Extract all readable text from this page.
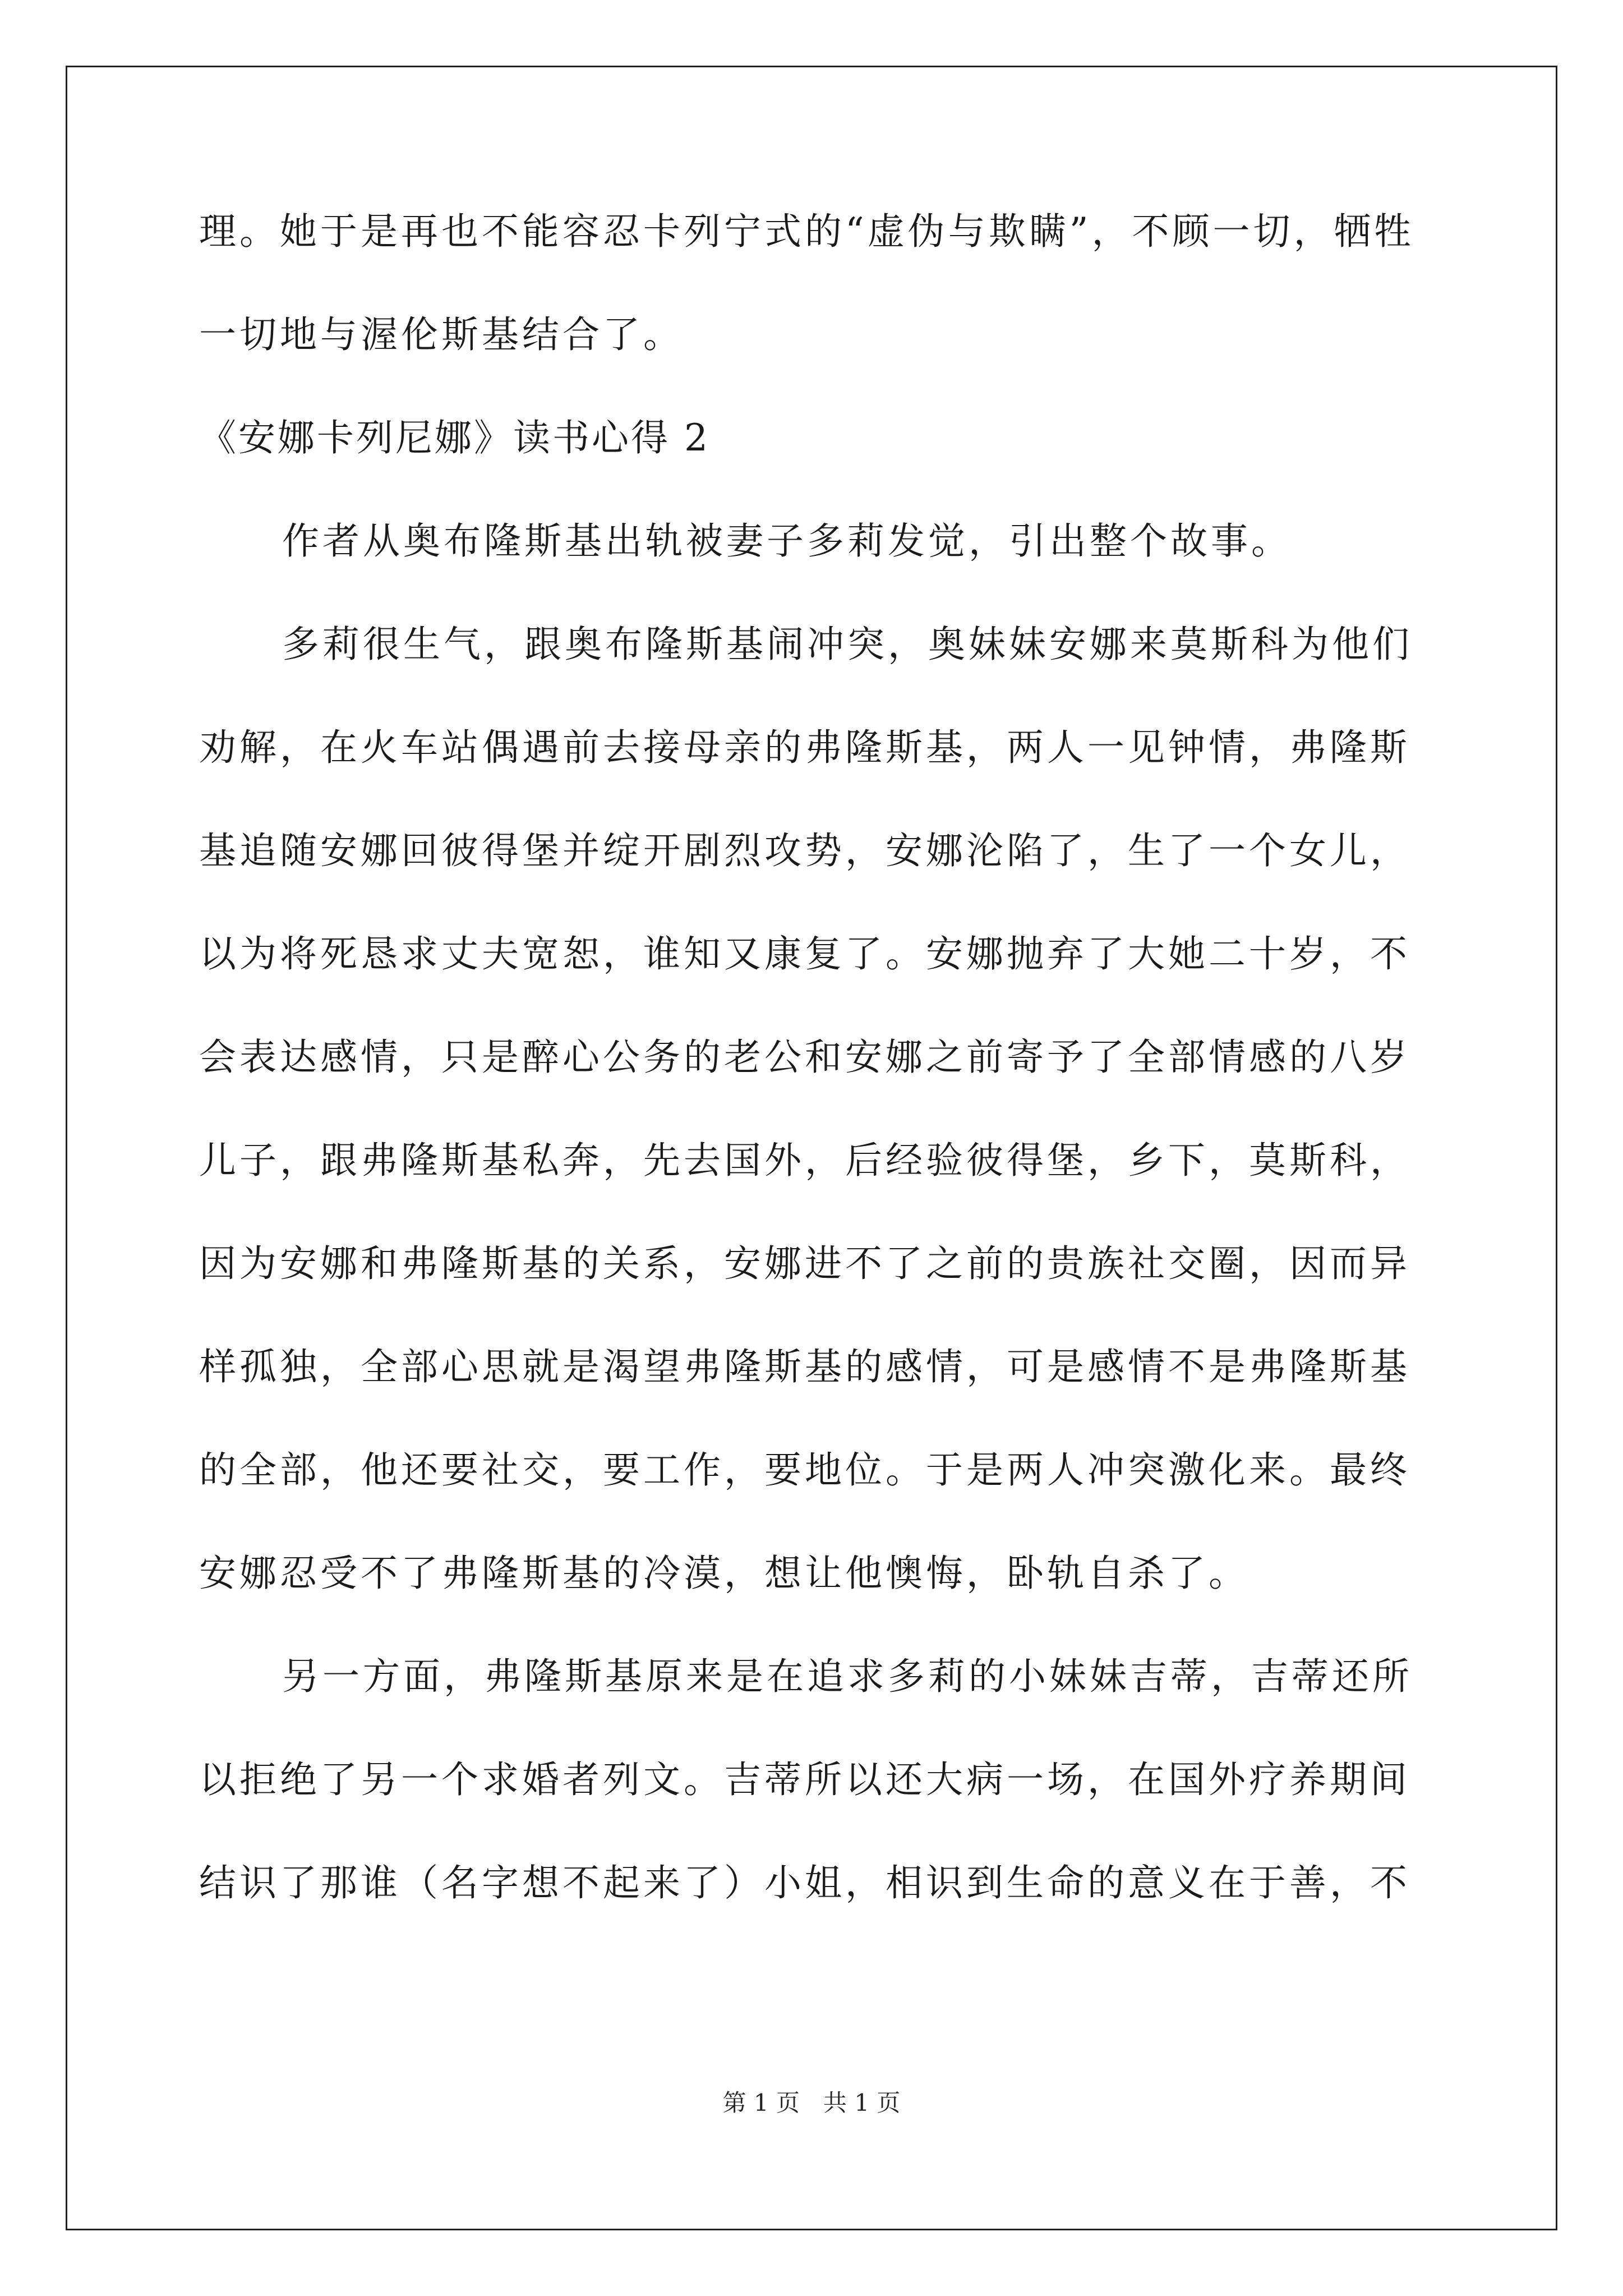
理。她于是再也不能容忍卡列宁式的“虚伪与欺瞒”，不顾一切，牺牲
一切地与渥伦斯基结合了。
《安娜卡列尼娜》读书心得 2
作者从奥布隆斯基出轨被妻子多莉发觉，引出整个故事。
多莉很生气，跟奥布隆斯基闹冲突，奥妹妹安娜来莫斯科为他们
劝解，在火车站偶遇前去接母亲的弗隆斯基，两人一见钟情，弗隆斯
基追随安娜回彼得堡并绽开剧烈攻势，安娜沦陷了，生了一个女儿，
以为将死恳求丈夫宽恕，谁知又康复了。安娜抛弃了大她二十岁，不
会表达感情，只是醉心公务的老公和安娜之前寄予了全部情感的八岁
儿子，跟弗隆斯基私奔，先去国外，后经验彼得堡，乡下，莫斯科，
因为安娜和弗隆斯基的关系，安娜进不了之前的贵族社交圈，因而异
样孤独，全部心思就是渴望弗隆斯基的感情，可是感情不是弗隆斯基
的全部，他还要社交，要工作，要地位。于是两人冲突激化来。最终
安娜忍受不了弗隆斯基的冷漠，想让他懊悔，卧轨自杀了。
另一方面，弗隆斯基原来是在追求多莉的小妹妹吉蒂，吉蒂还所
以拒绝了另一个求婚者列文。吉蒂所以还大病一场，在国外疗养期间
结识了那谁（名字想不起来了）小姐，相识到生命的意义在于善，不
第 1 页　共 1 页
